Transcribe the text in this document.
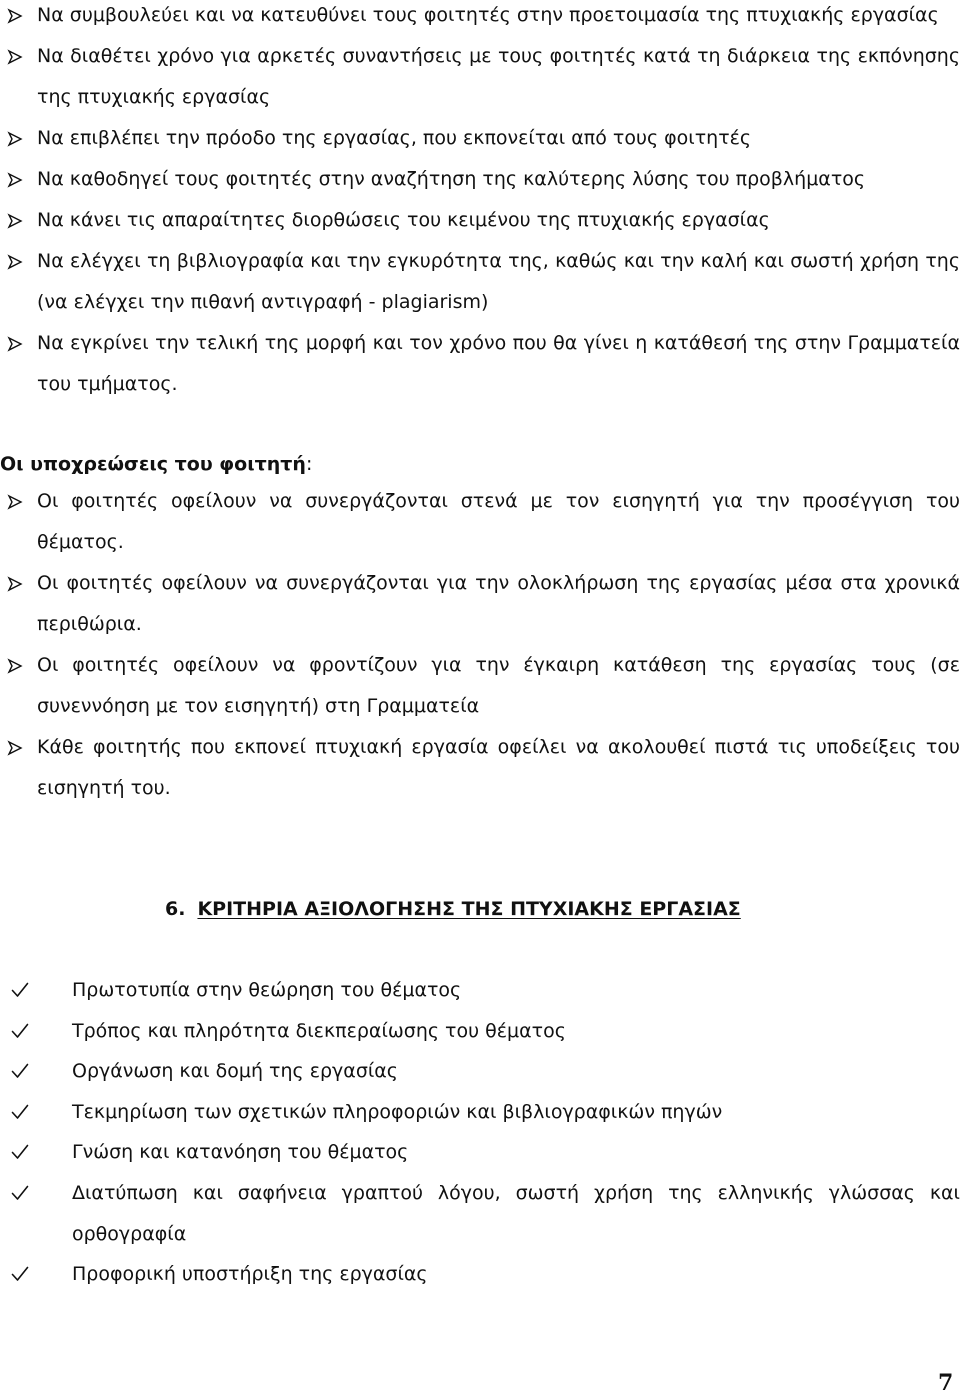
Να συμβουλεύει και να κατευθύνει τους φοιτητές στην προετοιμασία της πτυχιακής εργασίας
Να διαθέτει χρόνο για αρκετές συναντήσεις με τους φοιτητές κατά τη διάρκεια της εκπόνησης της πτυχιακής εργασίας
Να επιβλέπει την πρόοδο της εργασίας, που εκπονείται από τους φοιτητές
Να καθοδηγεί τους φοιτητές στην αναζήτηση της καλύτερης λύσης του προβλήματος
Να κάνει τις απαραίτητες διορθώσεις του κειμένου της πτυχιακής εργασίας
Να ελέγχει τη βιβλιογραφία και την εγκυρότητα της, καθώς και την καλή και σωστή χρήση της (να ελέγχει την πιθανή αντιγραφή - plagiarism)
Να εγκρίνει την τελική της μορφή και τον χρόνο που θα γίνει η κατάθεσή της στην Γραμματεία του τμήματος.
Οι υποχρεώσεις του φοιτητή:
Οι φοιτητές οφείλουν να συνεργάζονται στενά με τον εισηγητή για την προσέγγιση του θέματος.
Οι φοιτητές οφείλουν να συνεργάζονται για την ολοκλήρωση της εργασίας μέσα στα χρονικά περιθώρια.
Οι φοιτητές οφείλουν να φροντίζουν για την έγκαιρη κατάθεση της εργασίας τους (σε συνεννόηση με τον εισηγητή) στη Γραμματεία
Κάθε φοιτητής που εκπονεί πτυχιακή εργασία οφείλει να ακολουθεί πιστά τις υποδείξεις του εισηγητή του.
6. ΚΡΙΤΗΡΙΑ ΑΞΙΟΛΟΓΗΣΗΣ ΤΗΣ ΠΤΥΧΙΑΚΗΣ ΕΡΓΑΣΙΑΣ
Πρωτοτυπία στην θεώρηση του θέματος
Τρόπος και πληρότητα διεκπεραίωσης του θέματος
Οργάνωση και δομή της εργασίας
Τεκμηρίωση των σχετικών πληροφοριών και βιβλιογραφικών πηγών
Γνώση και κατανόηση του θέματος
Διατύπωση και σαφήνεια γραπτού λόγου, σωστή χρήση της ελληνικής γλώσσας και ορθογραφία
Προφορική υποστήριξη της εργασίας
7
